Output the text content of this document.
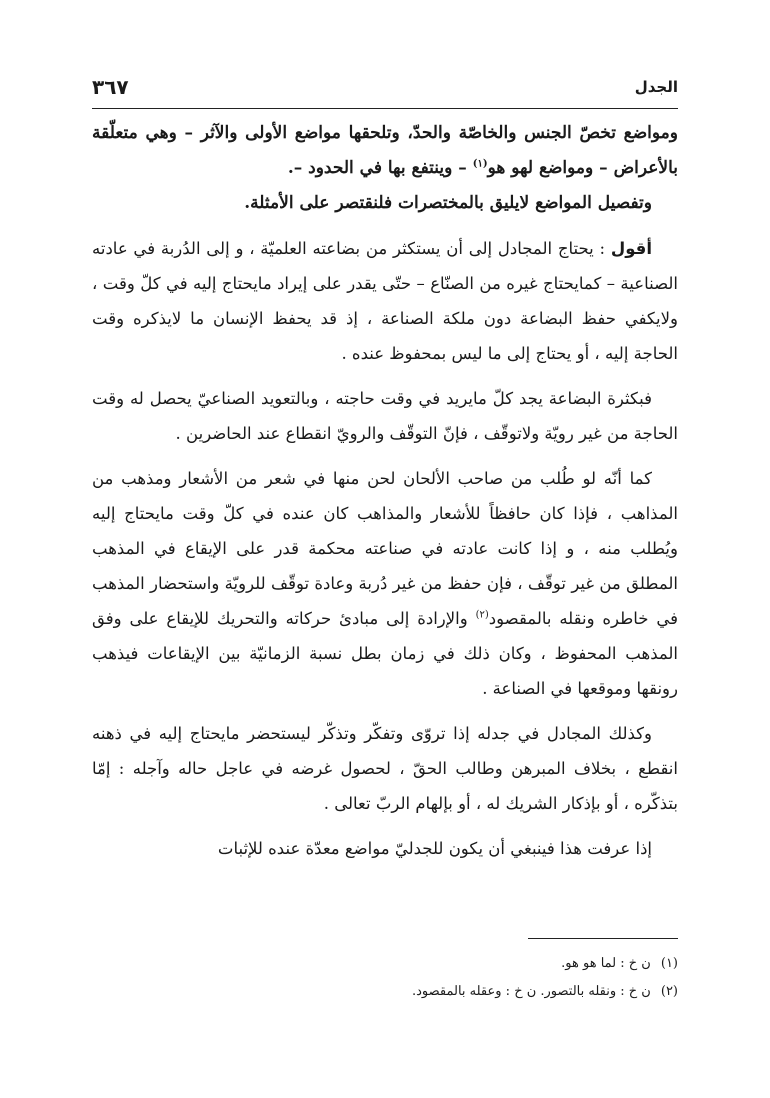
الجدل
٣٦٧

ومواضع تخصّ الجنس والخاصّة والحدّ، وتلحقها مواضع الأولى والآثر – وهي متعلّقة بالأعراض – ومواضع لهو هو$^{(١)}$ – وينتفع بها في الحدود –.

وتفصيل المواضع لايليق بالمختصرات فلنقتصر على الأمثلة.

أقول : يحتاج المجادل إلى أن يستكثر من بضاعته العلميّة ، و إلى الدُربة في عادته الصناعية – كمايحتاج غيره من الصنّاع – حتّى يقدر على إيراد مايحتاج إليه في كلّ وقت ، ولايكفي حفظ البضاعة دون ملكة الصناعة ، إذ قد يحفظ الإنسان ما لايذكره وقت الحاجة إليه ، أو يحتاج إلى ما ليس بمحفوظ عنده .

فبكثرة البضاعة يجد كلّ مايريد في وقت حاجته ، وبالتعويد الصناعيّ يحصل له وقت الحاجة من غير رويّة ولاتوقّف ، فإنّ التوقّف والرويّ انقطاع عند الحاضرين .

كما أنّه لو طُلب من صاحب الألحان لحن منها في شعر من الأشعار ومذهب من المذاهب ، فإذا كان حافظاً للأشعار والمذاهب كان عنده في كلّ وقت مايحتاج إليه ويُطلب منه ، و إذا كانت عادته في صناعته محكمة قدر على الإيقاع في المذهب المطلق من غير توقّف ، فإن حفظ من غير دُربة وعادة توقّف للرويّة واستحضار المذهب في خاطره ونقله بالمقصود$^{(٢)}$ والإرادة إلى مبادئ حركاته والتحريك للإيقاع على وفق المذهب المحفوظ ، وكان ذلك في زمان بطل نسبة الزمانيّة بين الإيقاعات فيذهب رونقها وموقعها في الصناعة .

وكذلك المجادل في جدله إذا تروّى وتفكّر وتذكّر ليستحضر مايحتاج إليه في ذهنه انقطع ، بخلاف المبرهن وطالب الحقّ ، لحصول غرضه في عاجل حاله وآجله : إمّا بتذكّره ، أو بإذكار الشريك له ، أو بإلهام الربّ تعالى .

إذا عرفت هذا فينبغي أن يكون للجدليّ مواضع معدّة عنده للإثبات

(١)ن خ : لما هو هو.
(٢)ن خ : ونقله بالتصور. ن خ : وعقله بالمقصود.
